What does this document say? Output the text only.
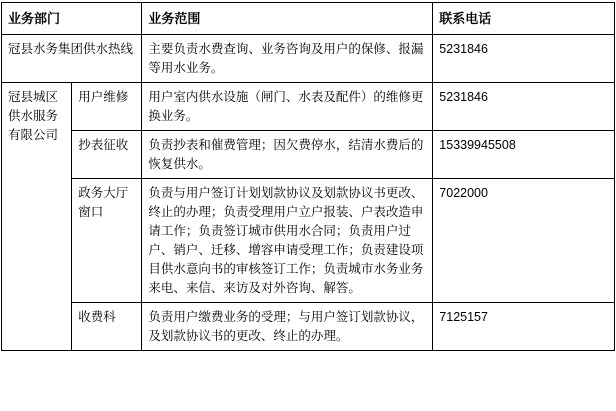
业务部门		业务范围	联系电话
冠县水务集团供水热线		主要负责水费查询、业务咨询及用户的保修、报漏等用水业务。	5231846
冠县城区供水服务有限公司	用户维修	用户室内供水设施（闸门、水表及配件）的维修更换业务。	5231846
	抄表征收	负责抄表和催费管理；因欠费停水，结清水费后的恢复供水。	15339945508
	政务大厅窗口	负责与用户签订计划划款协议及划款协议书更改、终止的办理；负责受理用户立户报装、户表改造申请工作；负责签订城市供用水合同；负责用户过户、销户、迁移、增容申请受理工作；负责建设项目供水意向书的审核签订工作；负责城市水务业务来电、来信、来访及对外咨询、解答。	7022000
	收费科	负责用户缴费业务的受理；与用户签订划款协议，及划款协议书的更改、终止的办理。	7125157
